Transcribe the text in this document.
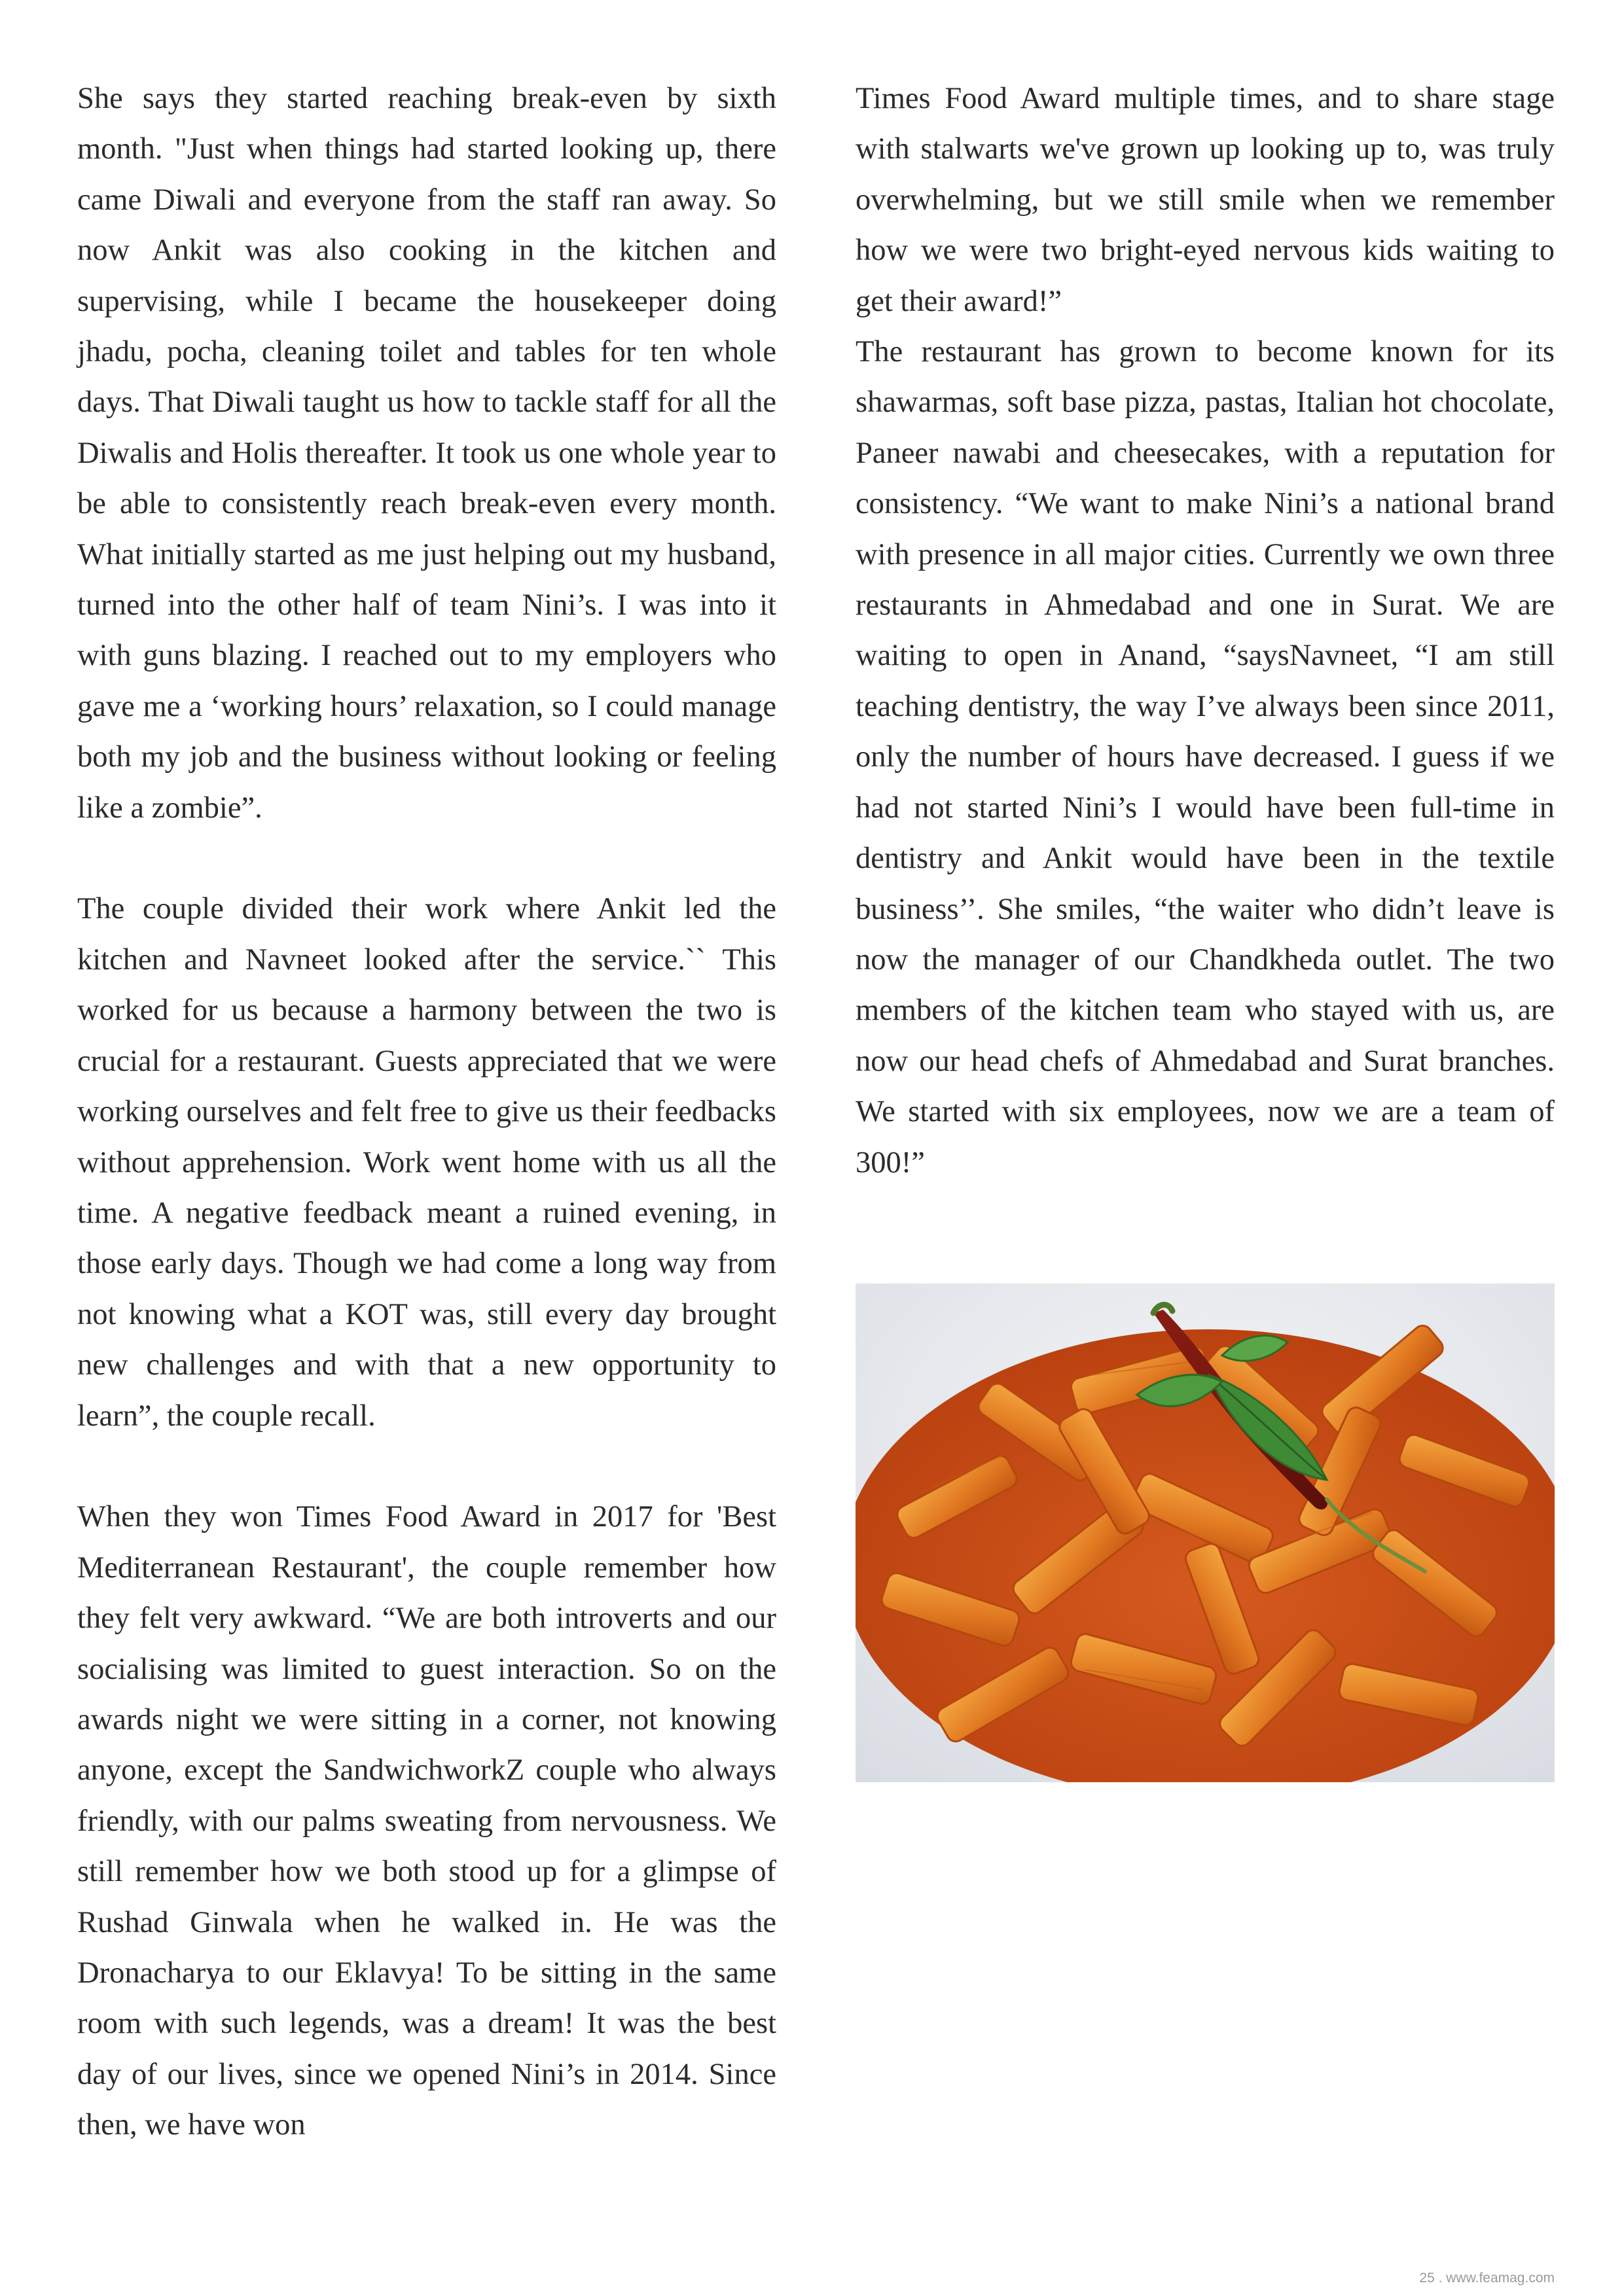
She says they started reaching break-even by sixth month. "Just when things had started looking up, there came Diwali and everyone from the staff ran away. So now Ankit was also cooking in the kitchen and supervising, while I became the housekeeper doing jhadu, pocha, cleaning toilet and tables for ten whole days. That Diwali taught us how to tackle staff for all the Diwalis and Holis thereafter. It took us one whole year to be able to consistently reach break-even every month. What initially started as me just helping out my husband, turned into the other half of team Nini’s. I was into it with guns blazing. I reached out to my employers who gave me a ‘working hours’ relaxation, so I could manage both my job and the business without looking or feeling like a zombie”.

The couple divided their work where Ankit led the kitchen and Navneet looked after the service.`` This worked for us because a harmony between the two is crucial for a restaurant. Guests appreciated that we were working ourselves and felt free to give us their feedbacks without apprehension. Work went home with us all the time. A negative feedback meant a ruined evening, in those early days. Though we had come a long way from not knowing what a KOT was, still every day brought new challenges and with that a new opportunity to learn”, the couple recall.

When they won Times Food Award in 2017 for 'Best Mediterranean Restaurant', the couple remember how they felt very awkward. “We are both introverts and our socialising was limited to guest interaction. So on the awards night we were sitting in a corner, not knowing anyone, except the SandwichworkZ couple who always friendly, with our palms sweating from nervousness. We still remember how we both stood up for a glimpse of Rushad Ginwala when he walked in. He was the Dronacharya to our Eklavya! To be sitting in the same room with such legends, was a dream! It was the best day of our lives, since we opened Nini’s in 2014. Since then, we have won

Times Food Award multiple times, and to share stage with stalwarts we've grown up looking up to, was truly overwhelming, but we still smile when we remember how we were two bright-eyed nervous kids waiting to get their award!”

The restaurant has grown to become known for its shawarmas, soft base pizza, pastas, Italian hot chocolate, Paneer nawabi and cheesecakes, with a reputation for consistency. “We want to make Nini’s a national brand with presence in all major cities. Currently we own three restaurants in Ahmedabad and one in Surat. We are waiting to open in Anand, “saysNavneet, “I am still teaching dentistry, the way I’ve always been since 2011, only the number of hours have decreased. I guess if we had not started Nini’s I would have been full-time in dentistry and Ankit would have been in the textile business’’. She smiles, “the waiter who didn’t leave is now the manager of our Chandkheda outlet. The two members of the kitchen team who stayed with us, are now our head chefs of Ahmedabad and Surat branches. We started with six employees, now we are a team of 300!”

25 . www.feamag.com
